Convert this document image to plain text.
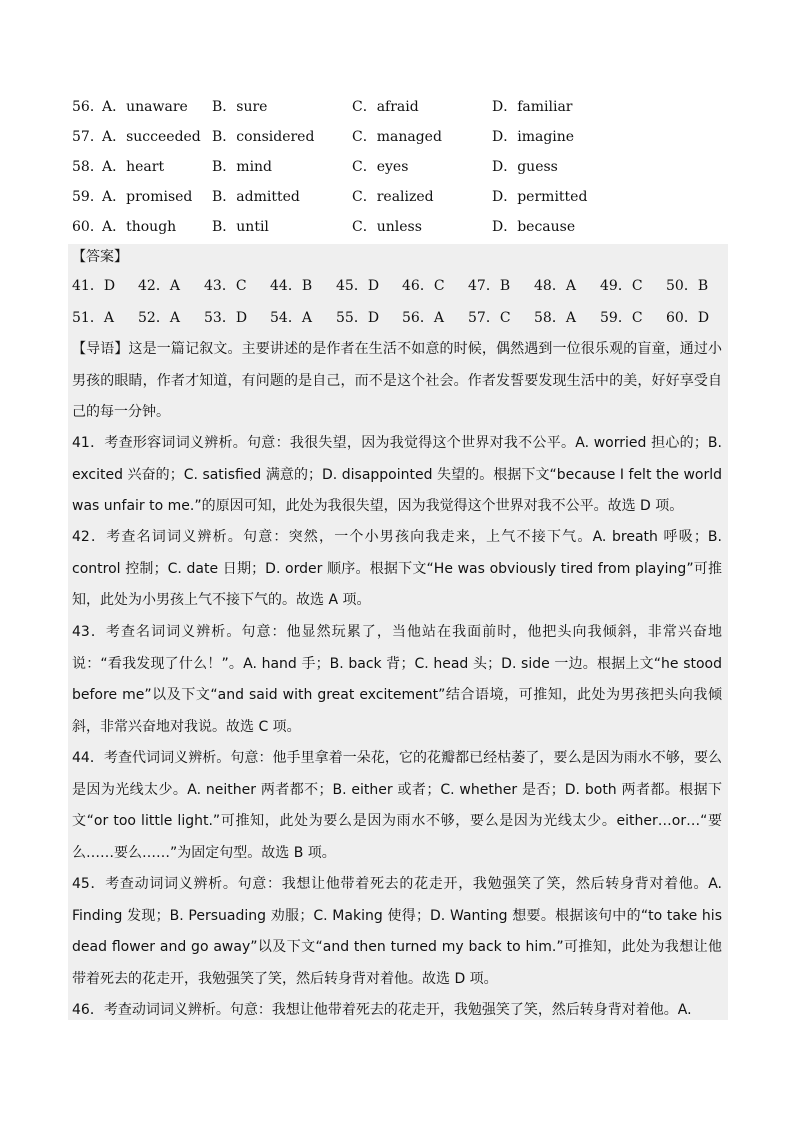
56．
A．unaware B．sure	C．afraid	D．familiar
57．
A．succeeded B．considered	C．managed	D．imagine
58．
A．heart	B．mind	C．eyes	D．guess
59．
A．promised B．admitted	C．realized	D．permitted
60．
A．though	B．until	C．unless	D．because
【答案】
41．D 42．A 43．C 44．B 45．D 46．C 47．B 48．A 49．C 50．B
51．A 52．A 53．D 54．A 55．D 56．A 57．C 58．A 59．C 60．D
【导语】这是一篇记叙文。主要讲述的是作者在生活不如意的时候，偶然遇到一位很乐观的盲童，通过小男孩的眼睛，作者才知道，有问题的是自己，而不是这个社会。作者发誓要发现生活中的美，好好享受自己的每一分钟。
41．考查形容词词义辨析。句意：我很失望，因为我觉得这个世界对我不公平。A. worried 担心的；B. excited 兴奋的；C. satisfied 满意的；D. disappointed 失望的。根据下文“because I felt the world was unfair to me.”的原因可知，此处为我很失望，因为我觉得这个世界对我不公平。故选 D 项。
42．考查名词词义辨析。句意：突然，一个小男孩向我走来，上气不接下气。A. breath 呼吸；B. control 控制；C. date 日期；D. order 顺序。根据下文“He was obviously tired from playing”可推知，此处为小男孩上气不接下气的。故选 A 项。
43．考查名词词义辨析。句意：他显然玩累了，当他站在我面前时，他把头向我倾斜，非常兴奋地说：“看我发现了什么！”。A. hand 手；B. back 背；C. head 头；D. side 一边。根据上文“he stood before me”以及下文“and said with great excitement”结合语境，可推知，此处为男孩把头向我倾斜，非常兴奋地对我说。故选 C 项。
44．考查代词词义辨析。句意：他手里拿着一朵花，它的花瓣都已经枯萎了，要么是因为雨水不够，要么是因为光线太少。A. neither 两者都不；B. either 或者；C. whether 是否；D. both 两者都。根据下文“or too little light.”可推知，此处为要么是因为雨水不够，要么是因为光线太少。either…or…“要么……要么……”为固定句型。故选 B 项。
45．考查动词词义辨析。句意：我想让他带着死去的花走开，我勉强笑了笑，然后转身背对着他。A. Finding 发现；B. Persuading 劝服；C. Making 使得；D. Wanting 想要。根据该句中的“to take his dead flower and go away”以及下文“and then turned my back to him.”可推知，此处为我想让他带着死去的花走开，我勉强笑了笑，然后转身背对着他。故选 D 项。
46．考查动词词义辨析。句意：我想让他带着死去的花走开，我勉强笑了笑，然后转身背对着他。A.
